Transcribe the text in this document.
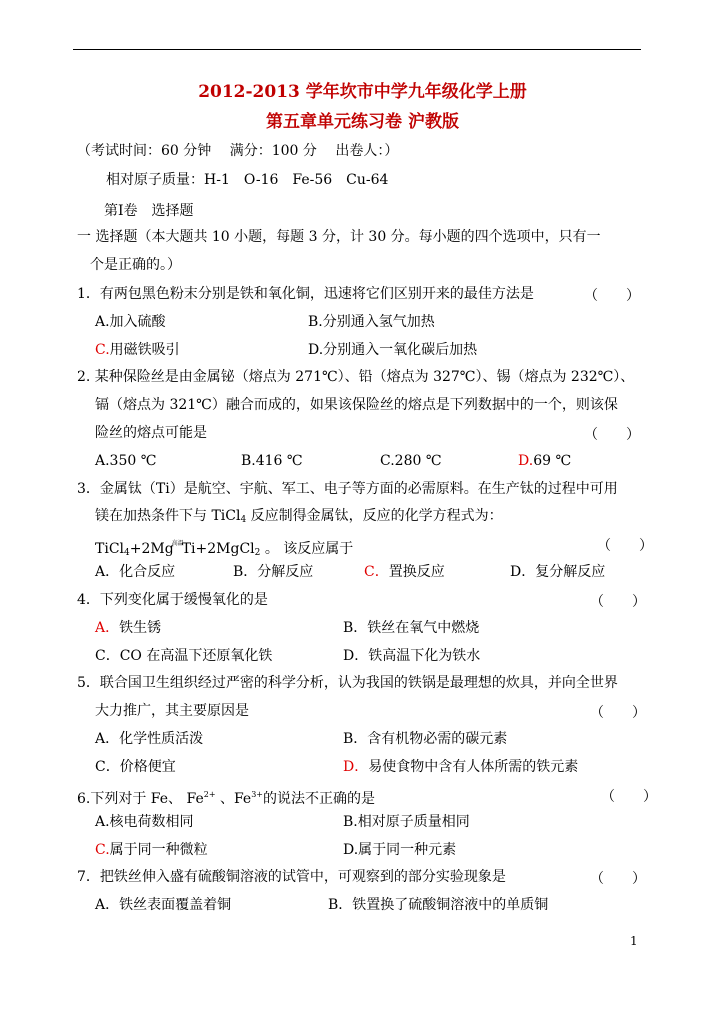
2012-2013 学年坎市中学九年级化学上册
第五章单元练习卷 沪教版
（考试时间：60 分钟　 满分：100 分　 出卷人：）
相对原子质量：H-1　O-16　Fe-56　Cu-64
第Ⅰ卷　选择题
一 选择题（本大题共 10 小题，每题 3 分，计 30 分。每小题的四个选项中，只有一
个是正确的。）
1．有两包黑色粉末分别是铁和氧化铜，迅速将它们区别开来的最佳方法是	（　　）
A.加入硫酸	B.分别通入氢气加热
C.用磁铁吸引	D.分别通入一氧化碳后加热
2. 某种保险丝是由金属铋（熔点为 271℃）、铅（熔点为 327℃）、锡（熔点为 232℃）、
镉（熔点为 321℃）融合而成的，如果该保险丝的熔点是下列数据中的一个，则该保
险丝的熔点可能是	（　　）
A.350 ℃	B.416 ℃	C.280 ℃	D.69 ℃
3．金属钛（Ti）是航空、宇航、军工、电子等方面的必需原料。在生产钛的过程中可用
镁在加热条件下与 TiCl$_4$ 反应制得金属钛，反应的化学方程式为：
$TiCl_4+2Mg^{高温}Ti+2MgCl_2$ 。 该反应属于	（　　）
A．化合反应	B．分解反应	C．置换反应	D．复分解反应
4．下列变化属于缓慢氧化的是	（　　）
A．铁生锈	B．铁丝在氧气中燃烧
C．CO 在高温下还原氧化铁	D．铁高温下化为铁水
5．联合国卫生组织经过严密的科学分析，认为我国的铁锅是最理想的炊具，并向全世界
大力推广，其主要原因是	（　　）
A．化学性质活泼	B．含有机物必需的碳元素
C．价格便宜	D．易使食物中含有人体所需的铁元素
6.下列对于 Fe、 $Fe^{2+}$ 、$Fe^{3+}$的说法不正确的是	（　　）
A.核电荷数相同	B.相对原子质量相同
C.属于同一种微粒	D.属于同一种元素
7．把铁丝伸入盛有硫酸铜溶液的试管中，可观察到的部分实验现象是	（　　）
A．铁丝表面覆盖着铜	B．铁置换了硫酸铜溶液中的单质铜
1
